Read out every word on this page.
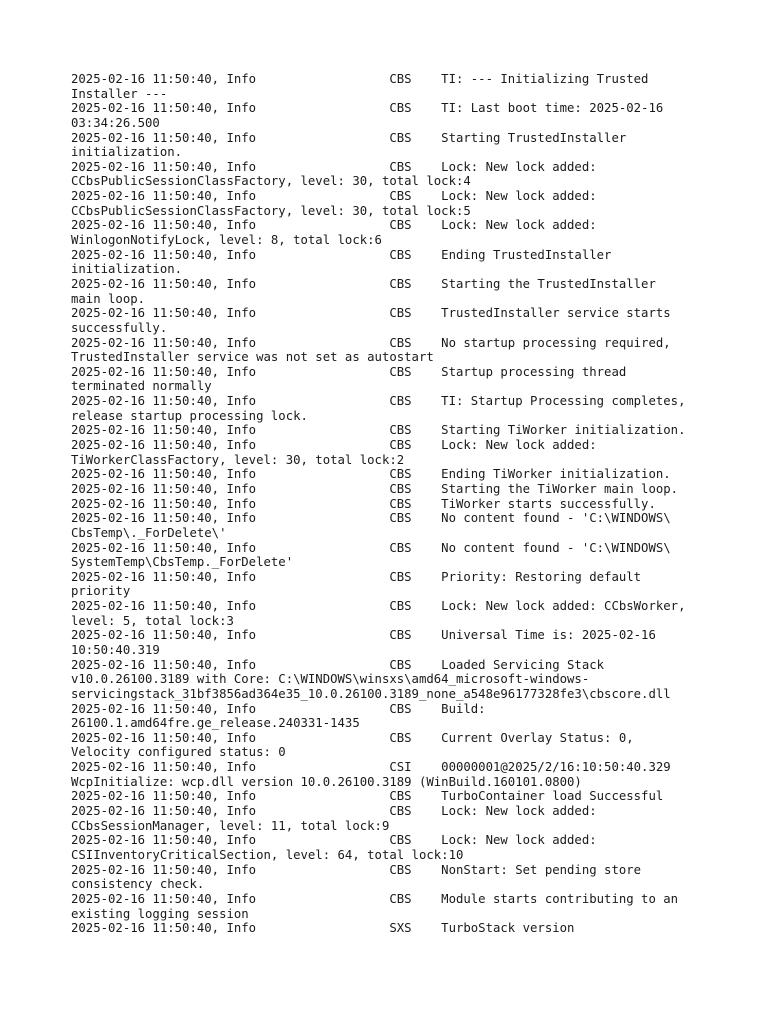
2025-02-16 11:50:40, Info                  CBS    TI: --- Initializing Trusted
Installer ---
2025-02-16 11:50:40, Info                  CBS    TI: Last boot time: 2025-02-16
03:34:26.500
2025-02-16 11:50:40, Info                  CBS    Starting TrustedInstaller
initialization.
2025-02-16 11:50:40, Info                  CBS    Lock: New lock added:
CCbsPublicSessionClassFactory, level: 30, total lock:4
2025-02-16 11:50:40, Info                  CBS    Lock: New lock added:
CCbsPublicSessionClassFactory, level: 30, total lock:5
2025-02-16 11:50:40, Info                  CBS    Lock: New lock added:
WinlogonNotifyLock, level: 8, total lock:6
2025-02-16 11:50:40, Info                  CBS    Ending TrustedInstaller
initialization.
2025-02-16 11:50:40, Info                  CBS    Starting the TrustedInstaller
main loop.
2025-02-16 11:50:40, Info                  CBS    TrustedInstaller service starts
successfully.
2025-02-16 11:50:40, Info                  CBS    No startup processing required,
TrustedInstaller service was not set as autostart
2025-02-16 11:50:40, Info                  CBS    Startup processing thread
terminated normally
2025-02-16 11:50:40, Info                  CBS    TI: Startup Processing completes,
release startup processing lock.
2025-02-16 11:50:40, Info                  CBS    Starting TiWorker initialization.
2025-02-16 11:50:40, Info                  CBS    Lock: New lock added:
TiWorkerClassFactory, level: 30, total lock:2
2025-02-16 11:50:40, Info                  CBS    Ending TiWorker initialization.
2025-02-16 11:50:40, Info                  CBS    Starting the TiWorker main loop.
2025-02-16 11:50:40, Info                  CBS    TiWorker starts successfully.
2025-02-16 11:50:40, Info                  CBS    No content found - 'C:\WINDOWS\
CbsTemp\._ForDelete\'
2025-02-16 11:50:40, Info                  CBS    No content found - 'C:\WINDOWS\
SystemTemp\CbsTemp._ForDelete'
2025-02-16 11:50:40, Info                  CBS    Priority: Restoring default
priority
2025-02-16 11:50:40, Info                  CBS    Lock: New lock added: CCbsWorker,
level: 5, total lock:3
2025-02-16 11:50:40, Info                  CBS    Universal Time is: 2025-02-16
10:50:40.319
2025-02-16 11:50:40, Info                  CBS    Loaded Servicing Stack
v10.0.26100.3189 with Core: C:\WINDOWS\winsxs\amd64_microsoft-windows-
servicingstack_31bf3856ad364e35_10.0.26100.3189_none_a548e96177328fe3\cbscore.dll
2025-02-16 11:50:40, Info                  CBS    Build:
26100.1.amd64fre.ge_release.240331-1435
2025-02-16 11:50:40, Info                  CBS    Current Overlay Status: 0,
Velocity configured status: 0
2025-02-16 11:50:40, Info                  CSI    00000001@2025/2/16:10:50:40.329
WcpInitialize: wcp.dll version 10.0.26100.3189 (WinBuild.160101.0800)
2025-02-16 11:50:40, Info                  CBS    TurboContainer load Successful
2025-02-16 11:50:40, Info                  CBS    Lock: New lock added:
CCbsSessionManager, level: 11, total lock:9
2025-02-16 11:50:40, Info                  CBS    Lock: New lock added:
CSIInventoryCriticalSection, level: 64, total lock:10
2025-02-16 11:50:40, Info                  CBS    NonStart: Set pending store
consistency check.
2025-02-16 11:50:40, Info                  CBS    Module starts contributing to an
existing logging session
2025-02-16 11:50:40, Info                  SXS    TurboStack version
